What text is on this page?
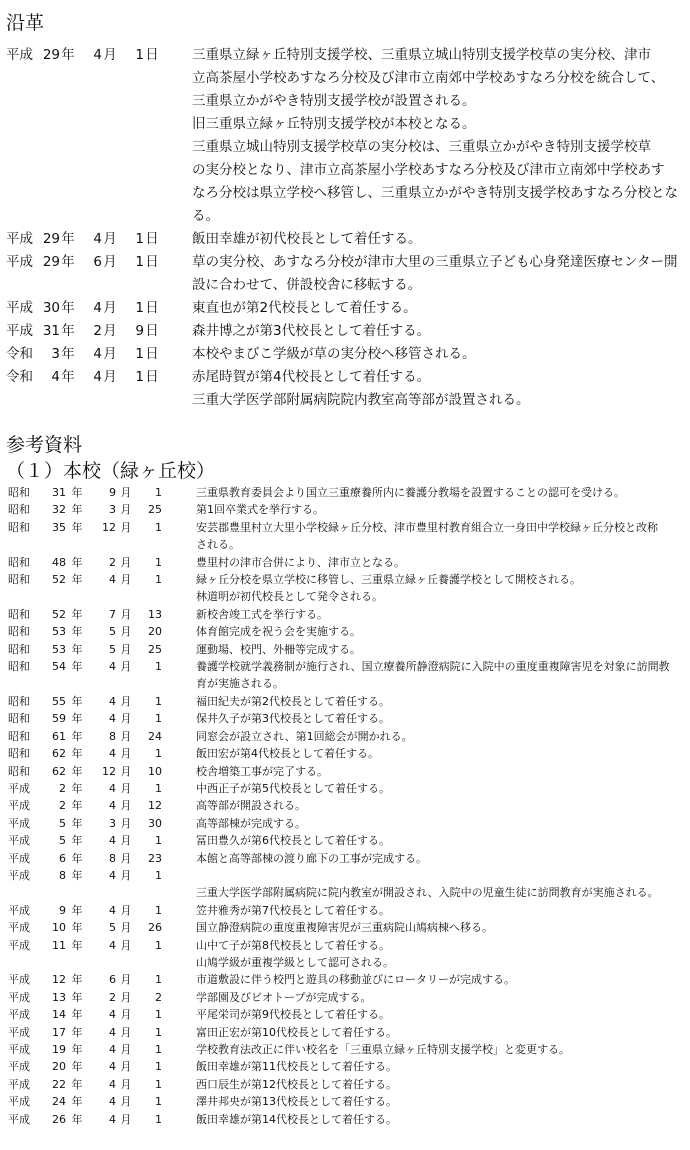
沿革
平成 29 年	4 月	1 日 三重県立緑ヶ丘特別支援学校、三重県立城山特別支援学校草の実分校、津市
立高茶屋小学校あすなろ分校及び津市立南郊中学校あすなろ分校を統合して、
三重県立かがやき特別支援学校が設置される。
旧三重県立緑ヶ丘特別支援学校が本校となる。
三重県立城山特別支援学校草の実分校は、三重県立かがやき特別支援学校草
の実分校となり、津市立高茶屋小学校あすなろ分校及び津市立南郊中学校あす
なろ分校は県立学校へ移管し、三重県立かがやき特別支援学校あすなろ分校とな
る。
平成 29 年	4 月	1 日 飯田幸雄が初代校長として着任する。
平成 29 年	6 月	1 日 草の実分校、あすなろ分校が津市大里の三重県立子ども心身発達医療センター開
設に合わせて、併設校舎に移転する。
平成 30 年	4 月	1 日 東直也が第2代校長として着任する。
平成 31 年	2 月	9 日 森井博之が第3代校長として着任する。
令和	3 年	4 月	1 日 本校やまびこ学級が草の実分校へ移管される。
令和	4 年	4 月	1 日 赤尾時賀が第4代校長として着任する。
三重大学医学部附属病院院内教室高等部が設置される。
参考資料
（１）本校（緑ヶ丘校）
昭和	31 年	9 月	1	三重県教育委員会より国立三重療養所内に養護分教場を設置することの認可を受ける。
昭和	32 年	3 月	25	第1回卒業式を挙行する。
昭和	35 年	12 月	1	安芸郡豊里村立大里小学校緑ヶ丘分校、津市豊里村教育組合立一身田中学校緑ヶ丘分校と改称
される。
昭和	48 年	2 月	1	豊里村の津市合併により、津市立となる。
昭和	52 年	4 月	1	緑ヶ丘分校を県立学校に移管し、三重県立緑ヶ丘養護学校として開校される。
林道明が初代校長として発令される。
昭和	52 年	7 月	13	新校舎竣工式を挙行する。
昭和	53 年	5 月	20	体育館完成を祝う会を実施する。
昭和	53 年	5 月	25	運動場、校門、外柵等完成する。
昭和	54 年	4 月	1	養護学校就学義務制が施行され、国立療養所静澄病院に入院中の重度重複障害児を対象に訪問教
育が実施される。
昭和	55 年	4 月	1	福田紀夫が第2代校長として着任する。
昭和	59 年	4 月	1	保井久子が第3代校長として着任する。
昭和	61 年	8 月	24	同窓会が設立され、第1回総会が開かれる。
昭和	62 年	4 月	1	飯田宏が第4代校長として着任する。
昭和	62 年	12 月	10	校舎増築工事が完了する。
平成	2 年	4 月	1	中西正子が第5代校長として着任する。
平成	2 年	4 月	12	高等部が開設される。
平成	5 年	3 月	30	高等部棟が完成する。
平成	5 年	4 月	1	冨田豊久が第6代校長として着任する。
平成	6 年	8 月	23	本館と高等部棟の渡り廊下の工事が完成する。
平成	8 年	4 月	1

三重大学医学部附属病院に院内教室が開設され、入院中の児童生徒に訪問教育が実施される。
平成	9 年	4 月	1	笠井雅秀が第7代校長として着任する。
平成	10 年	5 月	26	国立静澄病院の重度重複障害児が三重病院山鳩病棟へ移る。
平成	11 年	4 月	1	山中て子が第8代校長として着任する。
山鳩学級が重複学級として認可される。
平成	12 年	6 月	1	市道敷設に伴う校門と遊具の移動並びにロータリーが完成する。
平成	13 年	2 月	2	学部園及びビオトープが完成する。
平成	14 年	4 月	1	平尾栄司が第9代校長として着任する。
平成	17 年	4 月	1	富田正宏が第10代校長として着任する。
平成	19 年	4 月	1	学校教育法改正に伴い校名を「三重県立緑ヶ丘特別支援学校」と変更する。
平成	20 年	4 月	1	飯田幸雄が第11代校長として着任する。
平成	22 年	4 月	1	西口辰生が第12代校長として着任する。
平成	24 年	4 月	1	澤井邦央が第13代校長として着任する。
平成	26 年	4 月	1	飯田幸雄が第14代校長として着任する。
